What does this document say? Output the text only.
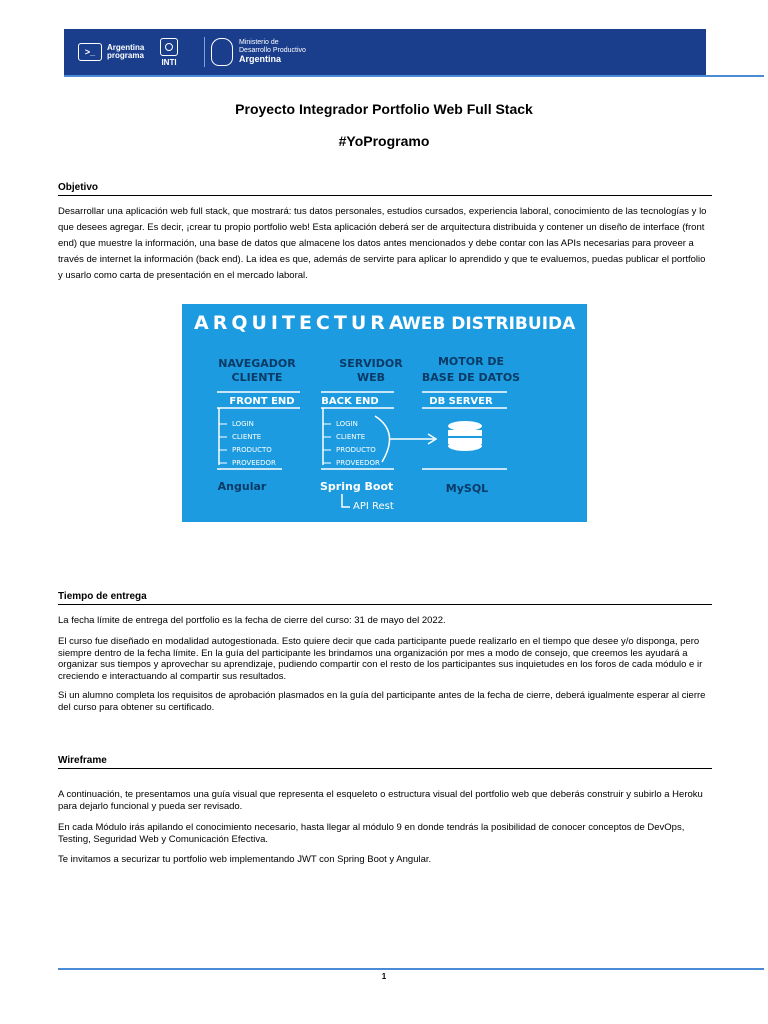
>_	Argentina
programa
INTI
Ministerio de
Desarrollo Productivo
Argentina
Proyecto Integrador Portfolio Web Full Stack
#YoProgramo
Objetivo
Desarrollar una aplicación web full stack, que mostrará: tus datos personales, estudios cursados, experiencia laboral, conocimiento de las tecnologías y lo que desees agregar. Es decir, ¡crear tu propio portfolio web! Esta aplicación deberá ser de arquitectura distribuida y contener un diseño de interface (front end) que muestre la información, una base de datos que almacene los datos antes mencionados y debe contar con las APIs necesarias para proveer a través de internet la información (back end). La idea es que, además de servirte para aplicar lo aprendido y que te evaluemos, puedas publicar el portfolio y usarlo como carta de presentación en el mercado laboral.
ARQUITECTURA
WEB DISTRIBUIDA
NAVEGADOR
CLIENTE
FRONT END
LOGIN
CLIENTE
PRODUCTO
PROVEEDOR
Angular
SERVIDOR
WEB
BACK END
LOGIN
CLIENTE
PRODUCTO
PROVEEDOR
Spring Boot
API Rest
MOTOR DE
BASE DE DATOS
DB SERVER
MySQL
Tiempo de entrega
La fecha límite de entrega del portfolio es la fecha de cierre del curso: 31 de mayo del 2022.
El curso fue diseñado en modalidad autogestionada. Esto quiere decir que cada participante puede realizarlo en el tiempo que desee y/o disponga, pero siempre dentro de la fecha límite. En la guía del participante les brindamos una organización por mes a modo de consejo, que creemos les ayudará a organizar sus tiempos y aprovechar su aprendizaje, pudiendo compartir con el resto de los participantes sus inquietudes en los foros de cada módulo e ir creciendo e interactuando al compartir sus resultados.
Si un alumno completa los requisitos de aprobación plasmados en la guía del participante antes de la fecha de cierre, deberá igualmente esperar al cierre del curso para obtener su certificado.
Wireframe
A continuación, te presentamos una guía visual que representa el esqueleto o estructura visual del portfolio web que deberás construir y subirlo a Heroku para dejarlo funcional y pueda ser revisado.
En cada Módulo irás apilando el conocimiento necesario, hasta llegar al módulo 9 en donde tendrás la posibilidad de conocer conceptos de DevOps, Testing, Seguridad Web y Comunicación Efectiva.
Te invitamos a securizar tu portfolio web implementando JWT con Spring Boot y Angular.
1
